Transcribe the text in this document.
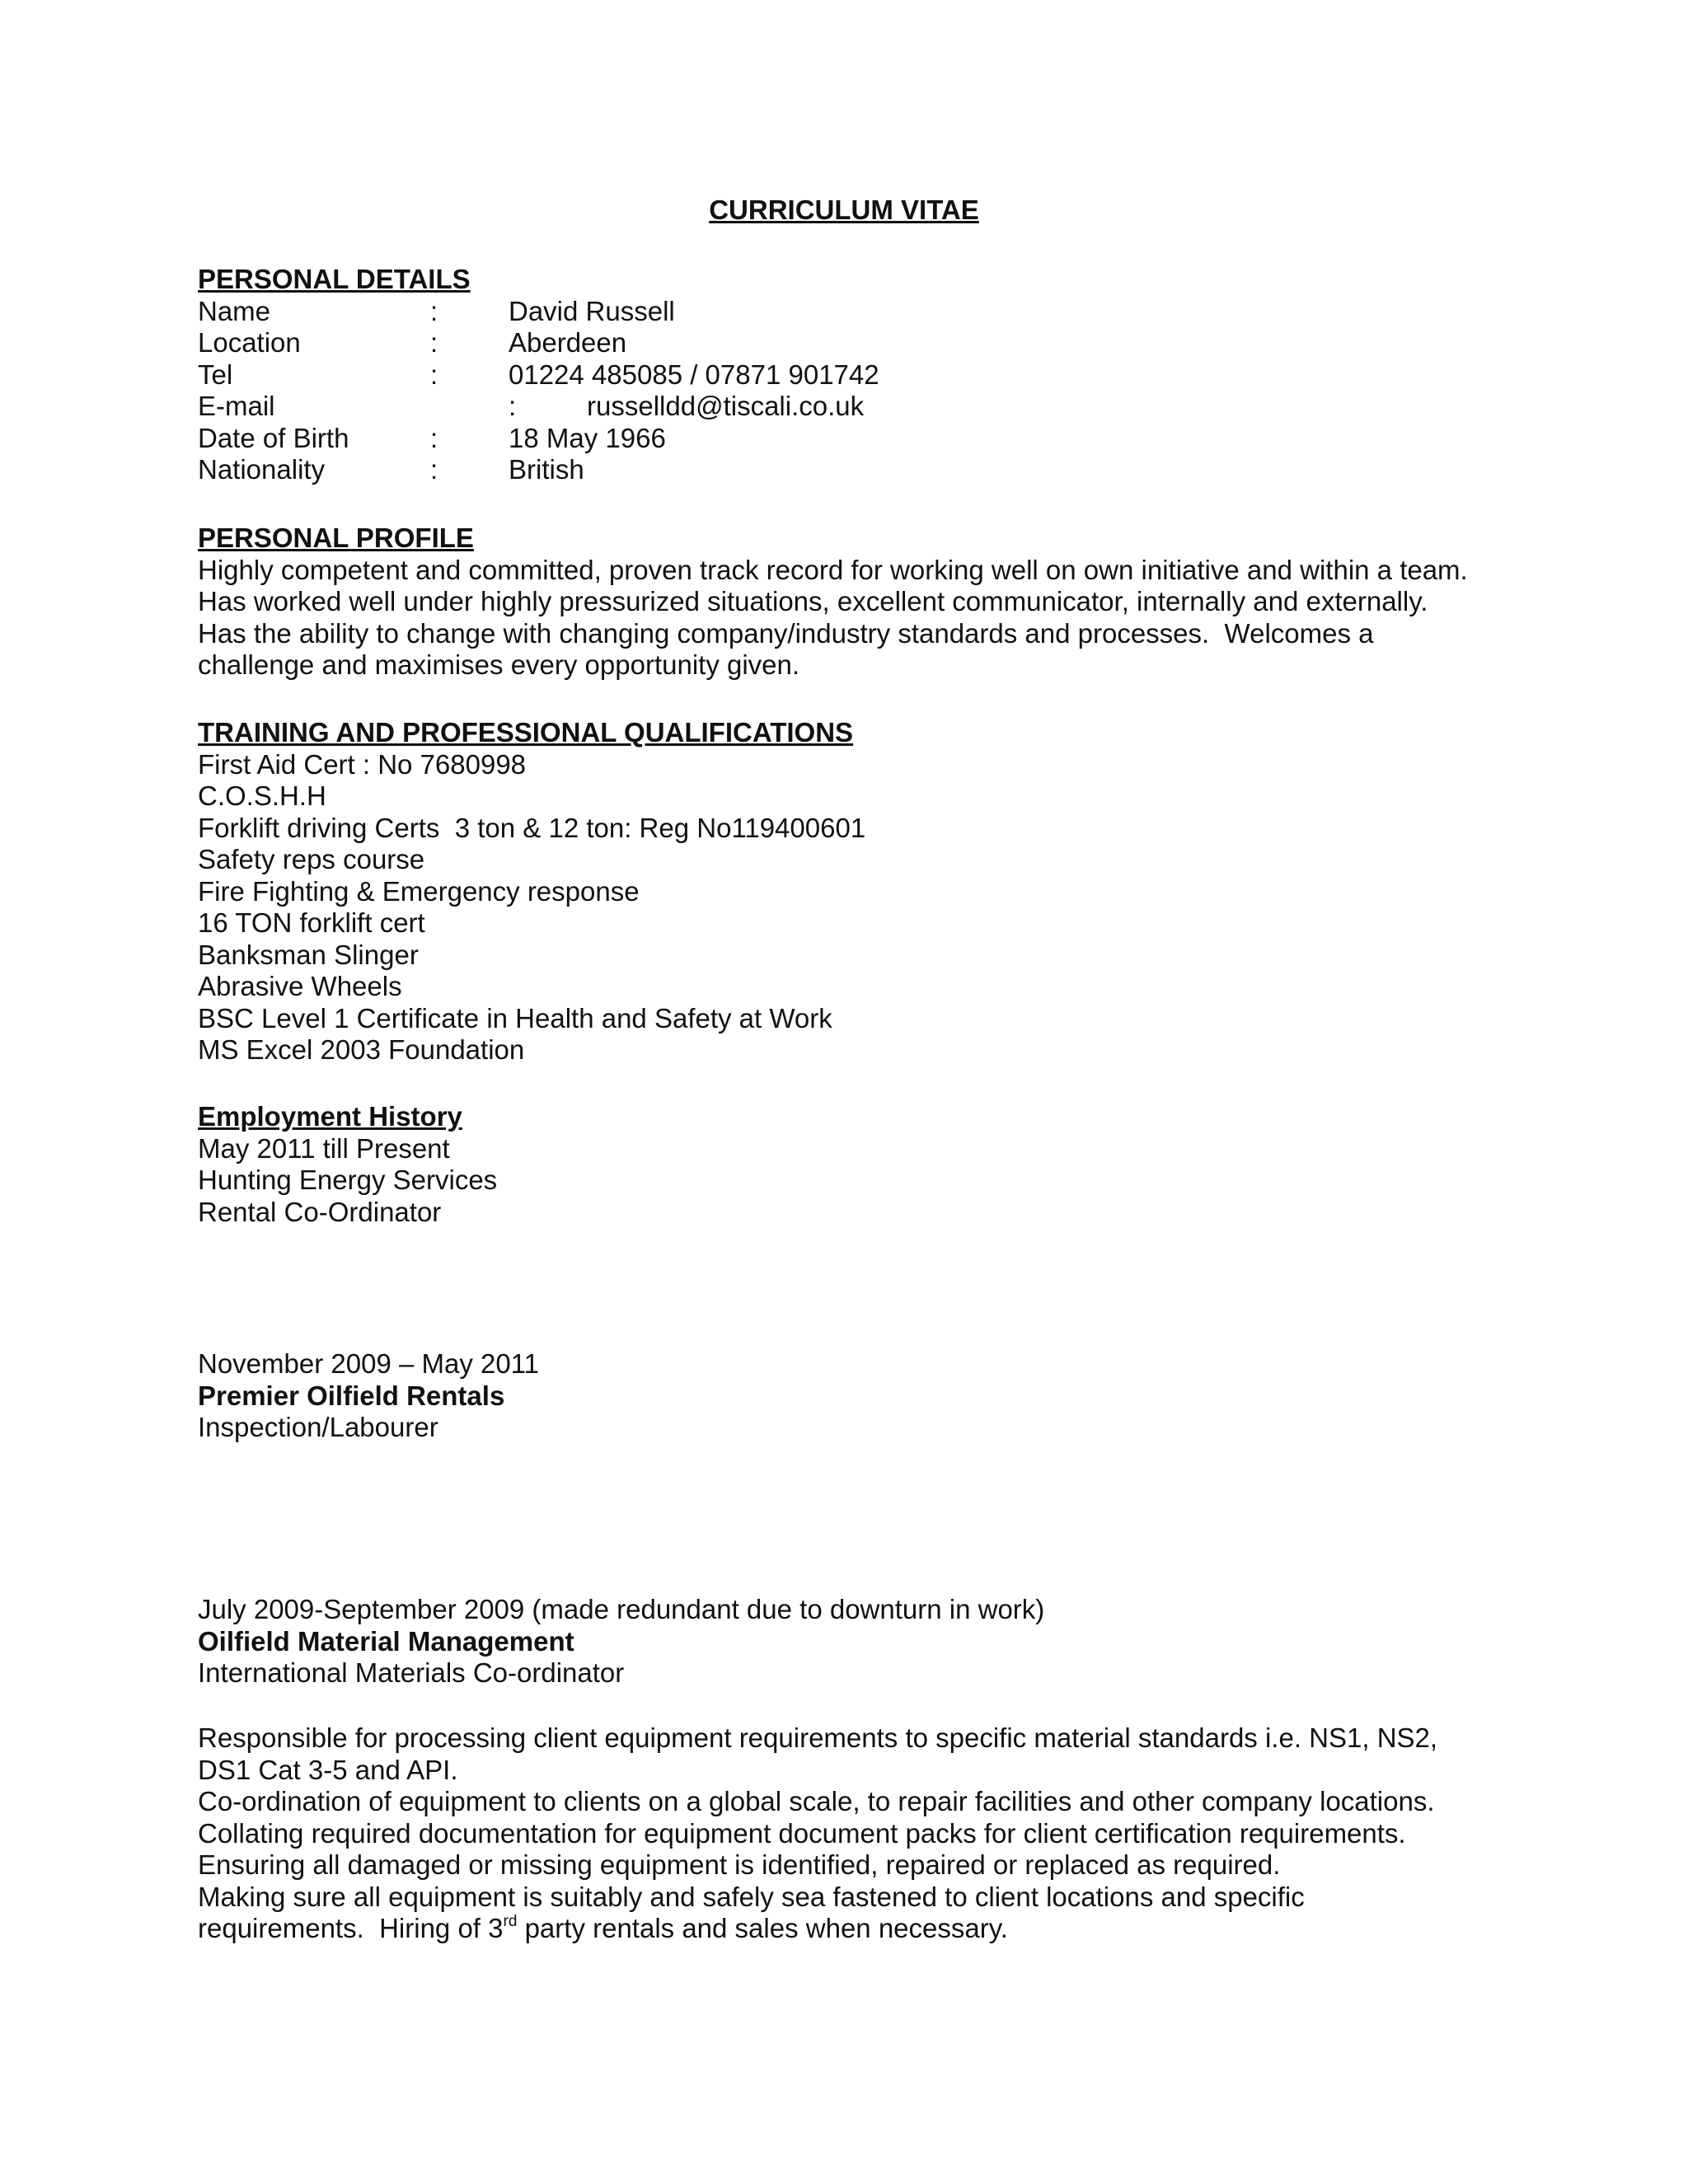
CURRICULUM VITAE
PERSONAL DETAILS
Name	:	David Russell
Location	:	Aberdeen
Tel	:	01224 485085 / 07871 901742
E-mail	:	russelldd@tiscali.co.uk
Date of Birth	:	18 May 1966
Nationality	:	British
PERSONAL PROFILE
Highly competent and committed, proven track record for working well on own initiative and within a team.
Has worked well under highly pressurized situations, excellent communicator, internally and externally.
Has the ability to change with changing company/industry standards and processes.  Welcomes a
challenge and maximises every opportunity given.
TRAINING AND PROFESSIONAL QUALIFICATIONS
First Aid Cert : No 7680998
C.O.S.H.H
Forklift driving Certs  3 ton & 12 ton: Reg No119400601
Safety reps course
Fire Fighting & Emergency response
16 TON forklift cert
Banksman Slinger
Abrasive Wheels
BSC Level 1 Certificate in Health and Safety at Work
MS Excel 2003 Foundation
Employment History
May 2011 till Present
Hunting Energy Services
Rental Co-Ordinator
November 2009 – May 2011
Premier Oilfield Rentals
Inspection/Labourer
July 2009-September 2009 (made redundant due to downturn in work)
Oilfield Material Management
International Materials Co-ordinator
Responsible for processing client equipment requirements to specific material standards i.e. NS1, NS2,
DS1 Cat 3-5 and API.
Co-ordination of equipment to clients on a global scale, to repair facilities and other company locations.
Collating required documentation for equipment document packs for client certification requirements.
Ensuring all damaged or missing equipment is identified, repaired or replaced as required.
Making sure all equipment is suitably and safely sea fastened to client locations and specific
requirements.  Hiring of 3rd party rentals and sales when necessary.
